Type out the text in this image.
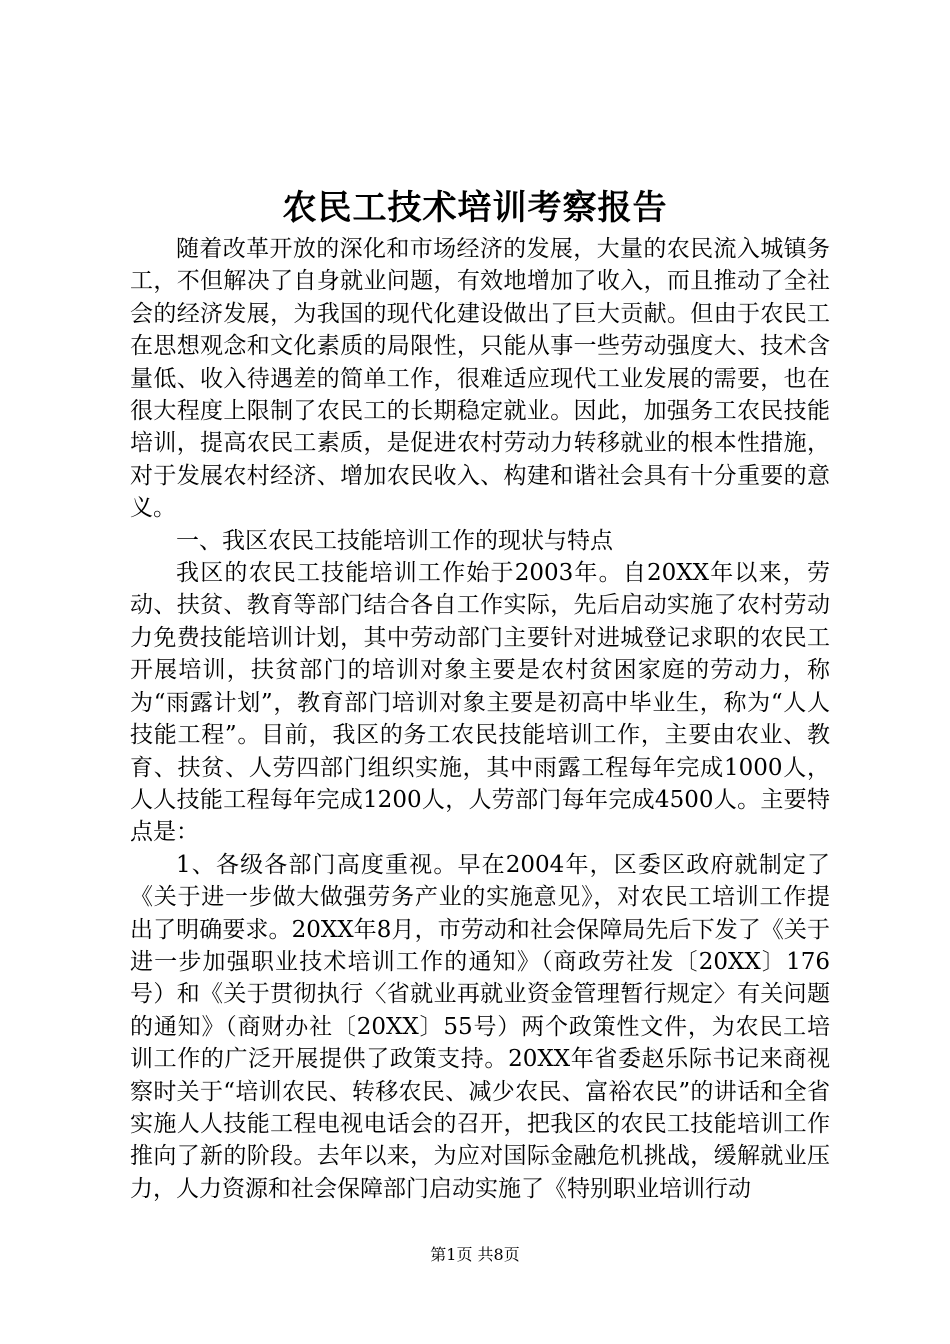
农民工技术培训考察报告

随着改革开放的深化和市场经济的发展，大量的农民流入城镇务工，不但解决了自身就业问题，有效地增加了收入，而且推动了全社会的经济发展，为我国的现代化建设做出了巨大贡献。但由于农民工在思想观念和文化素质的局限性，只能从事一些劳动强度大、技术含量低、收入待遇差的简单工作，很难适应现代工业发展的需要，也在很大程度上限制了农民工的长期稳定就业。因此，加强务工农民技能培训，提高农民工素质，是促进农村劳动力转移就业的根本性措施，对于发展农村经济、增加农民收入、构建和谐社会具有十分重要的意义。

一、我区农民工技能培训工作的现状与特点

我区的农民工技能培训工作始于2003年。自20XX年以来，劳动、扶贫、教育等部门结合各自工作实际，先后启动实施了农村劳动力免费技能培训计划，其中劳动部门主要针对进城登记求职的农民工开展培训，扶贫部门的培训对象主要是农村贫困家庭的劳动力，称为“雨露计划”，教育部门培训对象主要是初高中毕业生，称为“人人技能工程”。目前，我区的务工农民技能培训工作，主要由农业、教育、扶贫、人劳四部门组织实施，其中雨露工程每年完成1000人，人人技能工程每年完成1200人，人劳部门每年完成4500人。主要特点是：

1、各级各部门高度重视。早在2004年，区委区政府就制定了《关于进一步做大做强劳务产业的实施意见》，对农民工培训工作提出了明确要求。20XX年8月，市劳动和社会保障局先后下发了《关于进一步加强职业技术培训工作的通知》（商政劳社发〔20XX〕176号）和《关于贯彻执行〈省就业再就业资金管理暂行规定〉有关问题的通知》（商财办社〔20XX〕55号）两个政策性文件，为农民工培训工作的广泛开展提供了政策支持。20XX年省委赵乐际书记来商视察时关于“培训农民、转移农民、减少农民、富裕农民”的讲话和全省实施人人技能工程电视电话会的召开，把我区的农民工技能培训工作推向了新的阶段。去年以来，为应对国际金融危机挑战，缓解就业压力，人力资源和社会保障部门启动实施了《特别职业培训行动

第1页 共8页
